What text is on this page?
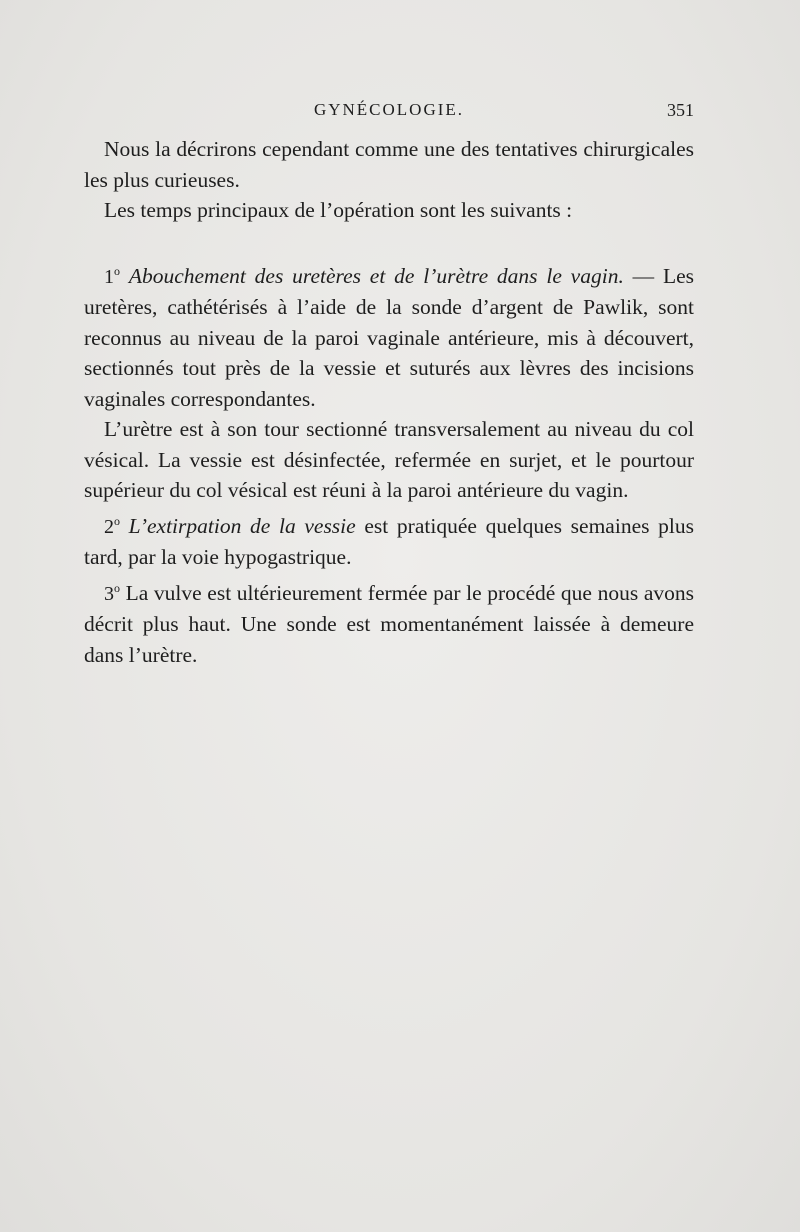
GYNÉCOLOGIE.	351

Nous la décrirons cependant comme une des tentatives chirurgicales les plus curieuses.

Les temps principaux de l’opération sont les suivants :

1$^o$ Abouchement des uretères et de l’urètre dans le vagin. — Les uretères, cathétérisés à l’aide de la sonde d’argent de Pawlik, sont reconnus au niveau de la paroi vaginale antérieure, mis à découvert, sectionnés tout près de la vessie et suturés aux lèvres des incisions vaginales correspondantes.

L’urètre est à son tour sectionné transversalement au niveau du col vésical. La vessie est désinfectée, refermée en surjet, et le pourtour supérieur du col vésical est réuni à la paroi antérieure du vagin.

2$^o$ L’extirpation de la vessie est pratiquée quelques semaines plus tard, par la voie hypogastrique.

3$^o$ La vulve est ultérieurement fermée par le procédé que nous avons décrit plus haut. Une sonde est momentanément laissée à demeure dans l’urètre.
